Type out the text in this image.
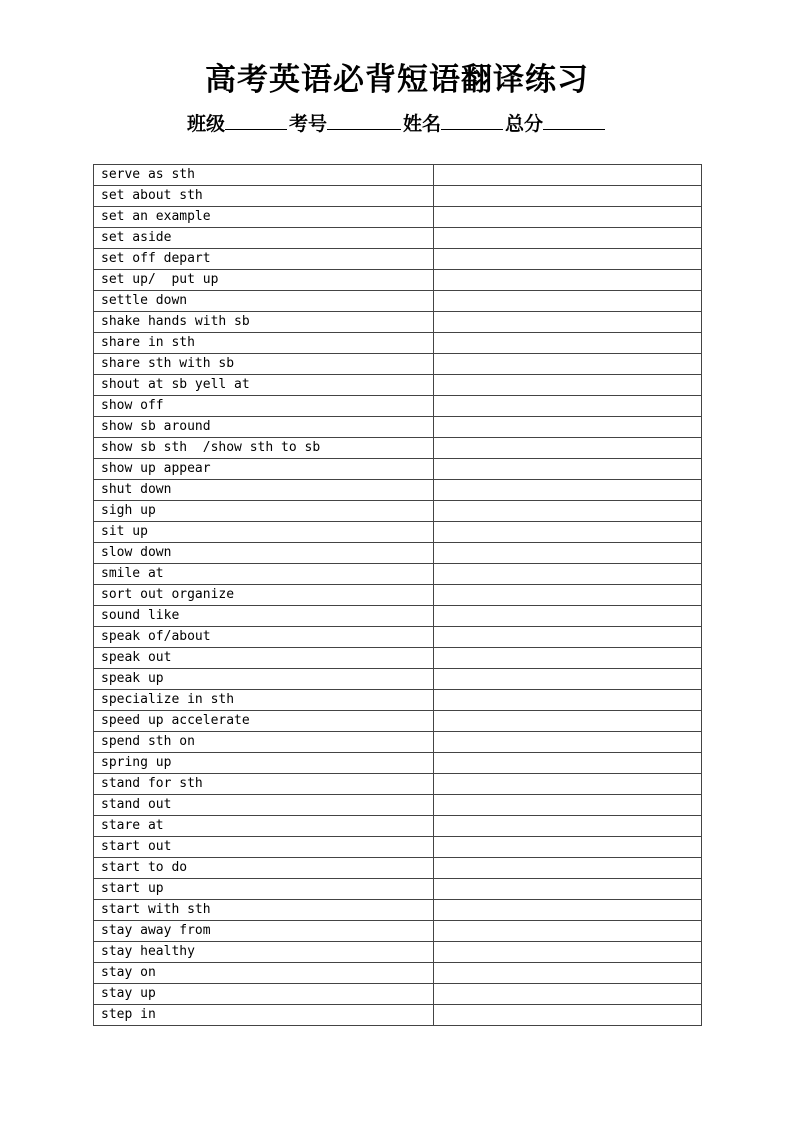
高考英语必背短语翻译练习
班级	考号	姓名	总分
serve as sth	
set about sth	
set an example	
set aside	
set off depart	
set up/  put up	
settle down	
shake hands with sb	
share in sth	
share sth with sb	
shout at sb yell at	
show off	
show sb around	
show sb sth  /show sth to sb	
show up appear	
shut down	
sigh up	
sit up	
slow down	
smile at	
sort out organize	
sound like	
speak of/about	
speak out	
speak up	
specialize in sth	
speed up accelerate	
spend sth on	
spring up	
stand for sth	
stand out	
stare at	
start out	
start to do	
start up	
start with sth	
stay away from	
stay healthy	
stay on	
stay up	
step in	
